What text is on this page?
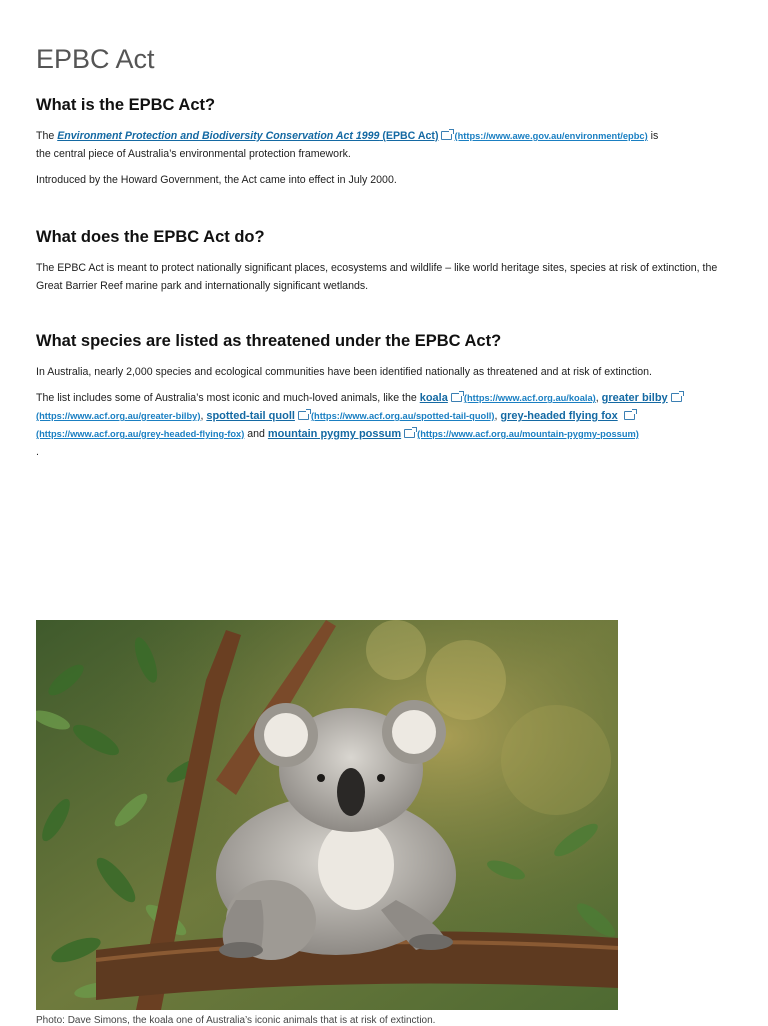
EPBC Act
What is the EPBC Act?

The Environment Protection and Biodiversity Conservation Act 1999 (EPBC Act) (https://www.awe.gov.au/environment/epbc) is
the central piece of Australia’s environmental protection framework.

Introduced by the Howard Government, the Act came into effect in July 2000.

What does the EPBC Act do?

The EPBC Act is meant to protect nationally significant places, ecosystems and wildlife – like world heritage sites, species at risk of extinction, the Great Barrier Reef marine park and internationally significant wetlands.

What species are listed as threatened under the EPBC Act?

In Australia, nearly 2,000 species and ecological communities have been identified nationally as threatened and at risk of extinction.

The list includes some of Australia’s most iconic and much-loved animals, like the koala (https://www.acf.org.au/koala), greater bilby(https://www.acf.org.au/greater-bilby), spotted-tail quoll (https://www.acf.org.au/spotted-tail-quoll), grey-headed flying fox (https://www.acf.org.au/grey-headed-flying-fox) and mountain pygmy possum (https://www.acf.org.au/mountain-pygmy-possum)
.

Photo: Dave Simons, the koala one of Australia’s iconic animals that is at risk of extinction.
